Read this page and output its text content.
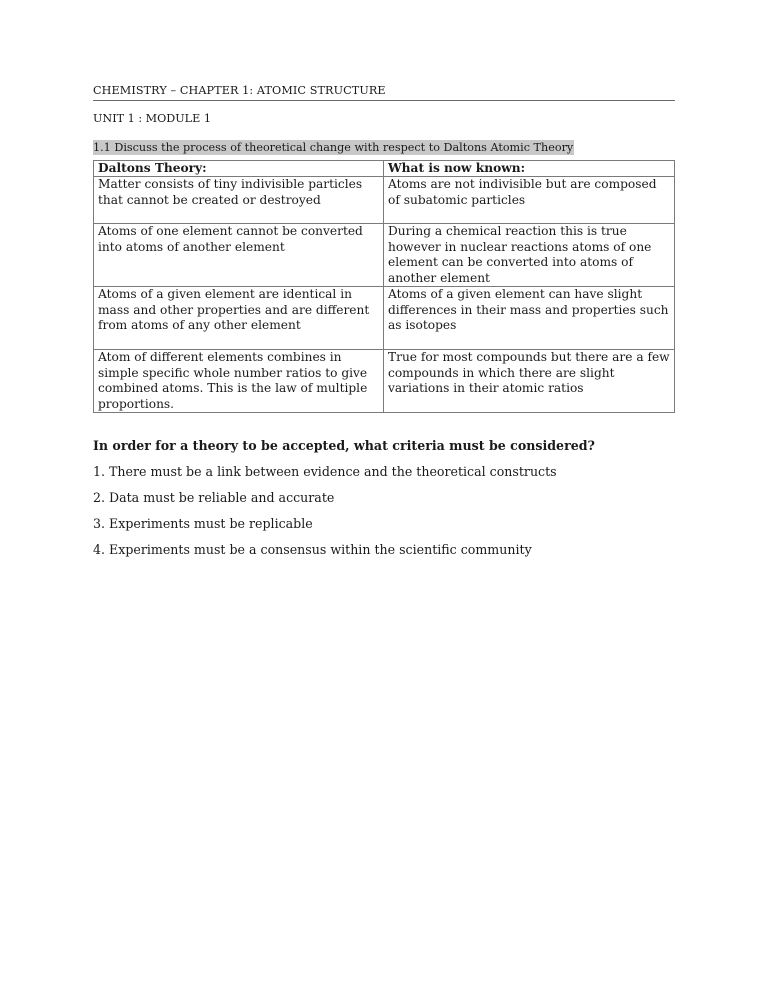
CHEMISTRY – CHAPTER 1: ATOMIC STRUCTURE
UNIT 1 : MODULE 1
1.1 Discuss the process of theoretical change with respect to Daltons Atomic Theory
Daltons Theory:	What is now known:
Matter consists of tiny indivisible particles that cannot be created or destroyed	Atoms are not indivisible but are composed of subatomic particles
Atoms of one element cannot be converted into atoms of another element	During a chemical reaction this is true however in nuclear reactions atoms of one element can be converted into atoms of another element
Atoms of a given element are identical in mass and other properties and are different from atoms of any other element	Atoms of a given element can have slight differences in their mass and properties such as isotopes
Atom of different elements combines in simple specific whole number ratios to give combined atoms. This is the law of multiple proportions.	True for most compounds but there are a few compounds in which there are slight variations in their atomic ratios
In order for a theory to be accepted, what criteria must be considered?
1. There must be a link between evidence and the theoretical constructs
2. Data must be reliable and accurate
3. Experiments must be replicable
4. Experiments must be a consensus within the scientific community
